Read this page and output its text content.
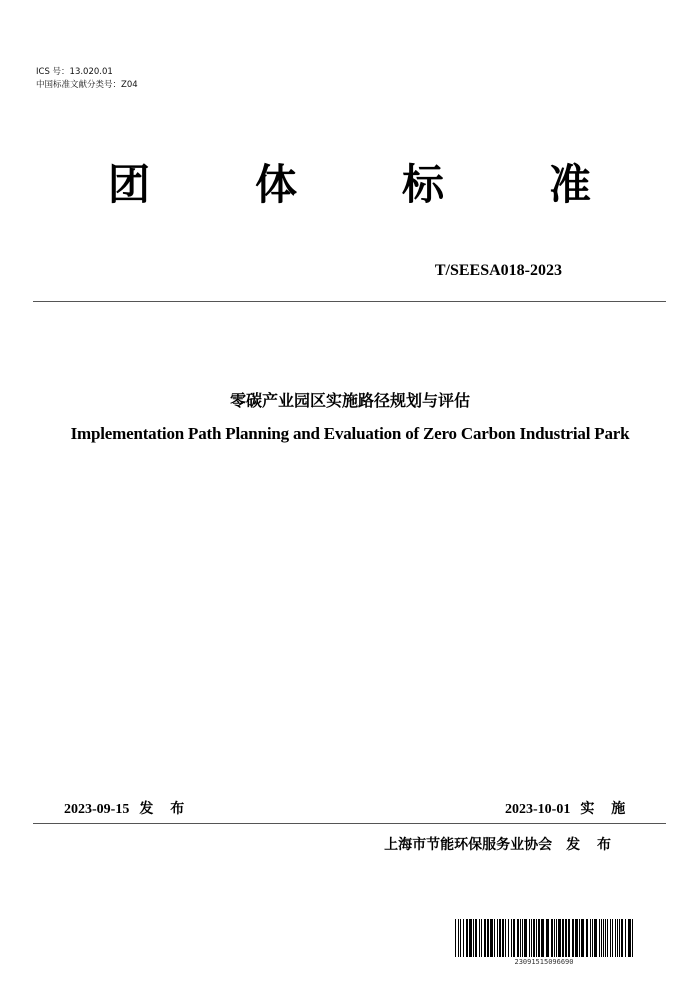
ICS 号：13.020.01
中国标准文献分类号：Z04
团 体 标 准
T/SEESA018-2023
零碳产业园区实施路径规划与评估
Implementation Path Planning and Evaluation of Zero Carbon Industrial Park
2023-09-15 发 布	2023-10-01 实 施
上海市节能环保服务业协会 发 布
23091515096690
